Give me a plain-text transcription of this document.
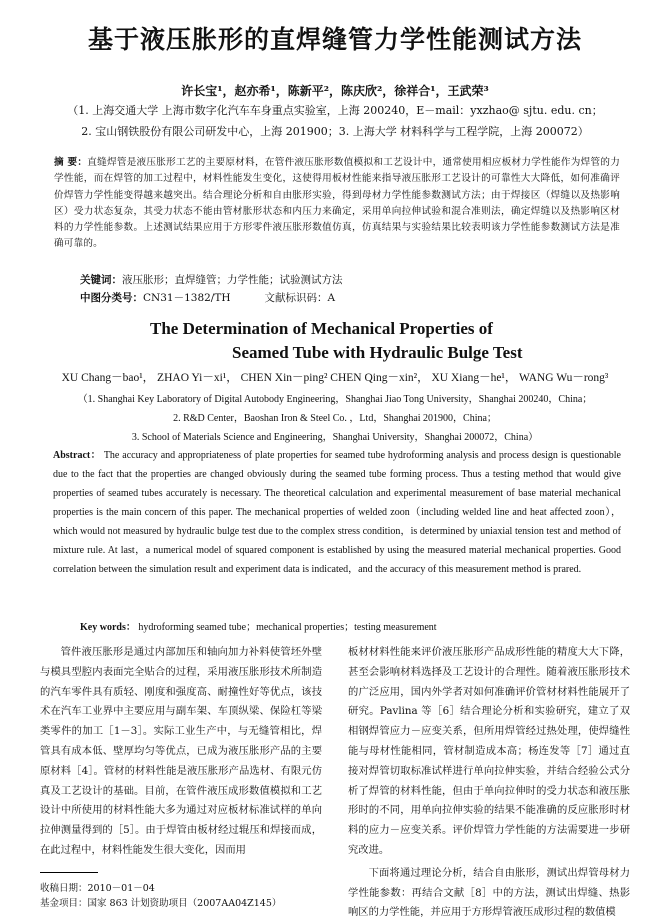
基于液压胀形的直焊缝管力学性能测试方法
许长宝¹，赵亦希¹，陈新平²，陈庆欣²，徐祥合¹，王武荣³
（1. 上海交通大学 上海市数字化汽车车身重点实验室，上海 200240，E－mail：yxzhao@ sjtu. edu. cn；
2. 宝山钢铁股份有限公司研发中心，上海 201900；3. 上海大学 材料科学与工程学院，上海 200072）
摘 要：直缝焊管是液压胀形工艺的主要原材料，在管件液压胀形数值模拟和工艺设计中，通常使用相应板材力学性能作为焊管的力学性能，而在焊管的加工过程中，材料性能发生变化，这使得用板材性能来指导液压胀形工艺设计的可靠性大大降低，如何准确评价焊管力学性能变得越来越突出。结合理论分析和自由胀形实验，得到母材力学性能参数测试方法；由于焊接区（焊缝以及热影响区）受力状态复杂，其受力状态不能由管材胀形状态和内压力来确定，采用单向拉伸试验和混合准则法，确定焊缝以及热影响区材料的力学性能参数。上述测试结果应用于方形零件液压胀形数值仿真，仿真结果与实验结果比较表明该力学性能参数测试方法是准确可靠的。
关键词：液压胀形；直焊缝管；力学性能；试验测试方法
中图分类号：CN31－1382/TH	文献标识码：A
The Determination of Mechanical Properties of
Seamed Tube with Hydraulic Bulge Test
XU Chang－bao¹， ZHAO Yi－xi¹， CHEN Xin－ping² CHEN Qing－xin²， XU Xiang－he¹， WANG Wu－rong³
（1. Shanghai Key Laboratory of Digital Autobody Engineering，Shanghai Jiao Tong University，Shanghai 200240，China；
2. R&D Center，Baoshan Iron & Steel Co. ，Ltd，Shanghai 201900，China；
3. School of Materials Science and Engineering，Shanghai University，Shanghai 200072，China）
Abstract： The accuracy and appropriateness of plate properties for seamed tube hydroforming analysis and process design is questionable due to the fact that the properties are changed obviously during the seamed tube forming process. Thus a testing method that would give properties of seamed tubes accurately is necessary. The theoretical calculation and experimental measurement of base material mechanical properties is the main concern of this paper. The mechanical properties of welded zoon（including welded line and heat affected zoon），which would not measured by hydraulic bulge test due to the complex stress condition，is determined by uniaxial tension test and method of mixture rule. At last，a numerical model of squared component is established by using the measured material mechanical properties. Good correlation between the simulation result and experiment data is indicated，and the accuracy of this measurement method is prared.
Key words： hydroforming seamed tube；mechanical properties；testing measurement
管件液压胀形是通过内部加压和轴向加力补料使管坯外壁与模具型腔内表面完全贴合的过程，采用液压胀形技术所制造的汽车零件具有质轻、刚度和强度高、耐撞性好等优点，该技术在汽车工业界中主要应用与副车架、车顶纵梁、保险杠等梁类零件的加工［1－3］。实际工业生产中，与无缝管相比，焊管具有成本低、壁厚均匀等优点，已成为液压胀形产品的主要原材料［4］。管材的材料性能是液压胀形产品选材、有限元仿真及工艺设计的基础。目前，在管件液压成形数值模拟和工艺设计中所使用的材料性能大多为通过对应板材标准试样的单向拉伸测量得到的［5］。由于焊管由板材经过辊压和焊接而成，在此过程中，材料性能发生很大变化，因而用

板材材料性能来评价液压胀形产品成形性能的精度大大下降，甚至会影响材料选择及工艺设计的合理性。随着液压胀形技术的广泛应用，国内外学者对如何准确评价管材材料性能展开了研究。Pavlina 等［6］结合理论分析和实验研究，建立了双相钢焊管应力－应变关系，但所用焊管经过热处理，使焊缝性能与母材性能相同，管材制造成本高；杨连发等［7］通过直接对焊管切取标准试样进行单向拉伸实验，并结合经验公式分析了焊管的材料性能，但由于单向拉伸时的受力状态和液压胀形时的不同，用单向拉伸实验的结果不能准确的反应胀形时材料的应力－应变关系。评价焊管力学性能的方法需要进一步研究改进。

下面将通过理论分析，结合自由胀形，测试出焊管母材力学性能参数：再结合文献［8］中的方法，测试出焊缝、热影响区的力学性能，并应用于方形焊管液压成形过程的数值模

收稿日期：2010－01－04
基金项目：国家 863 计划资助项目（2007AA04Z145）
